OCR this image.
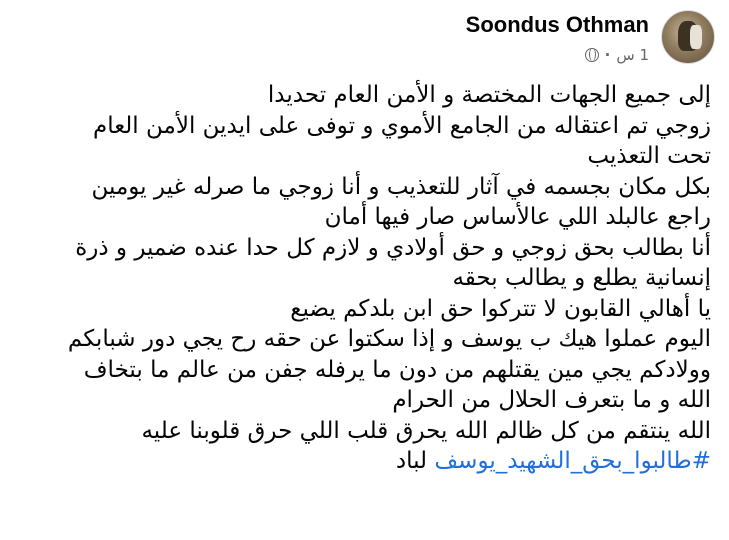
Soondus Othman
1 س
·
إلى جميع الجهات المختصة و الأمن العام تحديدا
زوجي تم اعتقاله من الجامع الأموي و توفى على ايدين الأمن العام
تحت التعذيب
بكل مكان بجسمه في آثار للتعذيب و أنا زوجي ما صرله غير يومين
راجع عالبلد اللي عالأساس صار فيها أمان
أنا بطالب بحق زوجي و حق أولادي و لازم كل حدا عنده ضمير و ذرة
إنسانية يطلع و يطالب بحقه
يا أهالي القابون لا تتركوا حق ابن بلدكم يضيع
اليوم عملوا هيك ب يوسف و إذا سكتوا عن حقه رح يجي دور شبابكم
وولادكم يجي مين يقتلهم من دون ما يرفله جفن من عالم ما بتخاف
الله و ما بتعرف الحلال من الحرام
الله ينتقم من كل ظالم الله يحرق قلب اللي حرق قلوبنا عليه
#طالبوا_بحق_الشهيد_يوسف لباد
